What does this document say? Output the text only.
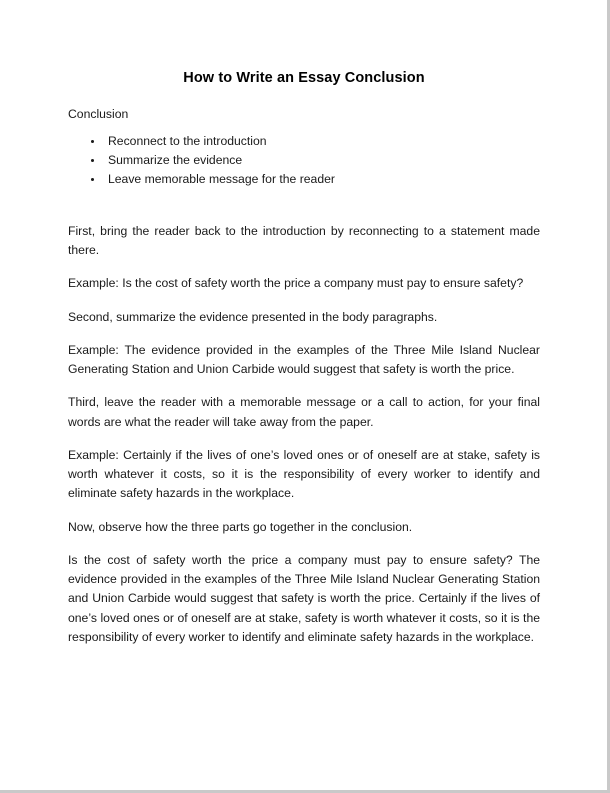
How to Write an Essay Conclusion
Conclusion
• Reconnect to the introduction
• Summarize the evidence
• Leave memorable message for the reader

First, bring the reader back to the introduction by reconnecting to a statement made there.

Example: Is the cost of safety worth the price a company must pay to ensure safety?

Second, summarize the evidence presented in the body paragraphs.

Example: The evidence provided in the examples of the Three Mile Island Nuclear Generating Station and Union Carbide would suggest that safety is worth the price.

Third, leave the reader with a memorable message or a call to action, for your final words are what the reader will take away from the paper.

Example: Certainly if the lives of one’s loved ones or of oneself are at stake, safety is worth whatever it costs, so it is the responsibility of every worker to identify and eliminate safety hazards in the workplace.

Now, observe how the three parts go together in the conclusion.

Is the cost of safety worth the price a company must pay to ensure safety? The evidence provided in the examples of the Three Mile Island Nuclear Generating Station and Union Carbide would suggest that safety is worth the price. Certainly if the lives of one’s loved ones or of oneself are at stake, safety is worth whatever it costs, so it is the responsibility of every worker to identify and eliminate safety hazards in the workplace.
